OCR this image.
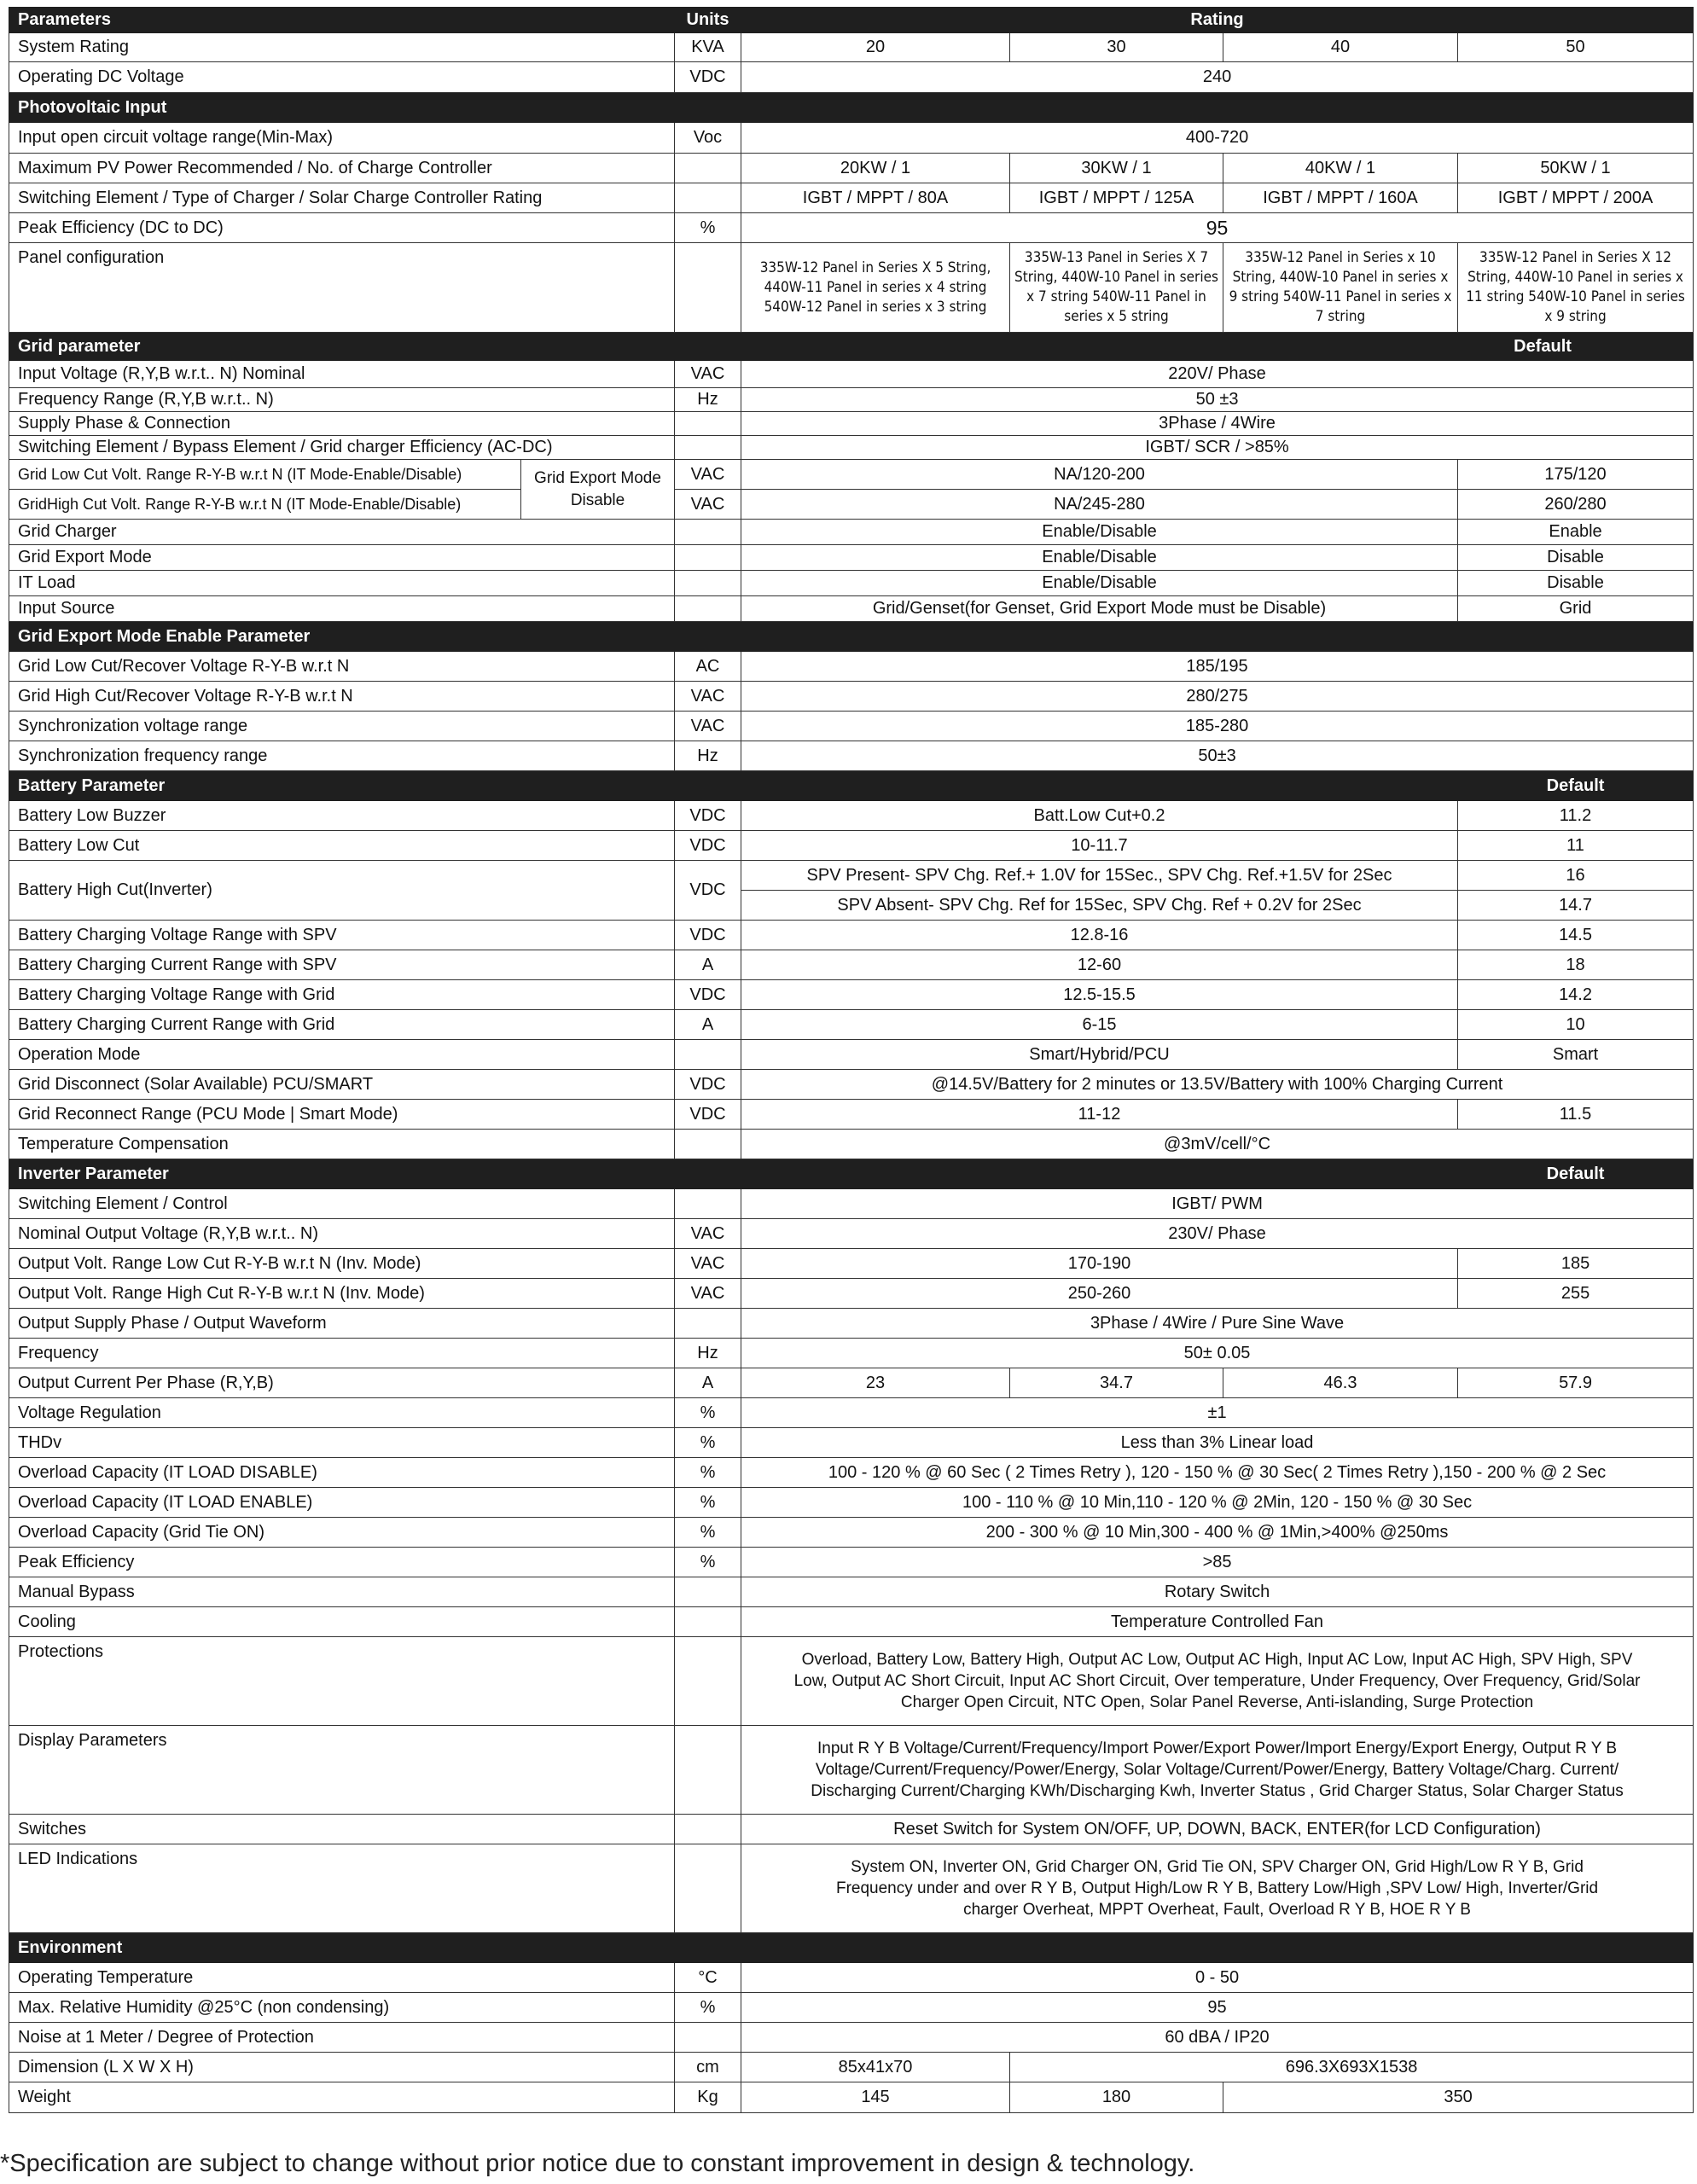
Parameters		Units	Rating					
System Rating		KVA	20	30	40		50	
Operating DC Voltage		VDC	240					
Photovoltaic Input								
Input open circuit voltage range(Min-Max)		Voc	400-720					
Maximum PV Power Recommended / No. of Charge Controller			20KW / 1	30KW / 1	40KW / 1		50KW / 1	
Switching Element / Type of Charger / Solar Charge Controller Rating			IGBT / MPPT / 80A	IGBT / MPPT / 125A	IGBT / MPPT / 160A		IGBT / MPPT / 200A	
Peak Efficiency (DC to DC)		%	95					
Panel configuration			335W-12 Panel in Series X 5 String, 440W-11 Panel in series x 4 string 540W-12 Panel in series x 3 string	335W-13 Panel in Series X 7 String, 440W-10 Panel in series x 7 string 540W-11 Panel in series x 5 string	335W-12 Panel in Series x 10 String, 440W-10 Panel in series x 9 string 540W-11 Panel in series x 7 string		335W-12 Panel in Series X 12 String, 440W-10 Panel in series x 11 string 540W-10 Panel in series x 9 string	
Grid parameter						Default		
Input Voltage (R,Y,B w.r.t.. N) Nominal		VAC	220V/ Phase					
Frequency Range (R,Y,B w.r.t.. N)		Hz	50 ±3					
Supply Phase & Connection			3Phase / 4Wire					
Switching Element / Bypass Element / Grid charger Efficiency (AC-DC)			IGBT/ SCR / >85%					
Grid Low Cut Volt. Range R-Y-B w.r.t N (IT Mode-Enable/Disable)	Grid Export Mode Disable	VAC	NA/120-200				175/120	
GridHigh Cut Volt. Range R-Y-B w.r.t N (IT Mode-Enable/Disable)		VAC	NA/245-280				260/280	
Grid Charger			Enable/Disable				Enable	
Grid Export Mode			Enable/Disable				Disable	
IT Load			Enable/Disable				Disable	
Input Source			Grid/Genset(for Genset, Grid Export Mode must be Disable)				Grid	
Grid Export Mode Enable Parameter								
Grid Low Cut/Recover Voltage R-Y-B w.r.t N		AC	185/195					
Grid High Cut/Recover Voltage R-Y-B w.r.t N		VAC	280/275					
Synchronization voltage range		VAC	185-280					
Synchronization frequency range		Hz	50±3					
Battery Parameter							Default	
Battery Low Buzzer		VDC	Batt.Low Cut+0.2				11.2	
Battery Low Cut		VDC	10-11.7				11	
Battery High Cut(Inverter)		VDC	SPV Present- SPV Chg. Ref.+ 1.0V for 15Sec., SPV Chg. Ref.+1.5V for 2Sec				16	
			SPV Absent- SPV Chg. Ref for 15Sec, SPV Chg. Ref + 0.2V for 2Sec				14.7	
Battery Charging Voltage Range with SPV		VDC	12.8-16				14.5	
Battery Charging Current Range with SPV		A	12-60				18	
Battery Charging Voltage Range with Grid		VDC	12.5-15.5				14.2	
Battery Charging Current Range with Grid		A	6-15				10	
Operation Mode			Smart/Hybrid/PCU				Smart	
Grid Disconnect (Solar Available) PCU/SMART		VDC	@14.5V/Battery for 2 minutes or 13.5V/Battery with 100% Charging Current					
Grid Reconnect Range (PCU Mode | Smart Mode)		VDC	11-12				11.5	
Temperature Compensation			@3mV/cell/°C					
Inverter Parameter							Default	
Switching Element / Control			IGBT/ PWM					
Nominal Output Voltage (R,Y,B w.r.t.. N)		VAC	230V/ Phase					
Output Volt. Range Low Cut R-Y-B w.r.t N (Inv. Mode)		VAC	170-190				185	
Output Volt. Range High Cut R-Y-B w.r.t N (Inv. Mode)		VAC	250-260				255	
Output Supply Phase / Output Waveform			3Phase / 4Wire / Pure Sine Wave					
Frequency		Hz	50± 0.05					
Output Current Per Phase (R,Y,B)		A	23	34.7	46.3		57.9	
Voltage Regulation		%	±1					
THDv		%	Less than 3% Linear load					
Overload Capacity (IT LOAD DISABLE)		%	100 - 120 % @ 60 Sec ( 2 Times Retry ), 120 - 150 % @ 30 Sec( 2 Times Retry ),150 - 200 % @ 2 Sec					
Overload Capacity (IT LOAD ENABLE)		%	100 - 110 % @ 10 Min,110 - 120 % @ 2Min, 120 - 150 % @ 30 Sec					
Overload Capacity (Grid Tie ON)		%	200 - 300 % @ 10 Min,300 - 400 % @ 1Min,>400% @250ms					
Peak Efficiency		%	>85					
Manual Bypass			Rotary Switch					
Cooling			Temperature Controlled Fan					
Protections			Overload, Battery Low, Battery High, Output AC Low, Output AC High, Input AC Low, Input AC High, SPV High, SPV Low, Output AC Short Circuit, Input AC Short Circuit, Over temperature, Under Frequency, Over Frequency, Grid/Solar Charger Open Circuit, NTC Open, Solar Panel Reverse, Anti-islanding, Surge Protection					
Display Parameters			Input R Y B Voltage/Current/Frequency/Import Power/Export Power/Import Energy/Export Energy, Output R Y B Voltage/Current/Frequency/Power/Energy, Solar Voltage/Current/Power/Energy, Battery Voltage/Charg. Current/ Discharging Current/Charging KWh/Discharging Kwh, Inverter Status , Grid Charger Status, Solar Charger Status					
Switches			Reset Switch for System ON/OFF, UP, DOWN, BACK, ENTER(for LCD Configuration)					
LED Indications			System ON, Inverter ON, Grid Charger ON, Grid Tie ON, SPV Charger ON, Grid High/Low R Y B, Grid Frequency under and over R Y B, Output High/Low R Y B, Battery Low/High ,SPV Low/ High, Inverter/Grid charger Overheat, MPPT Overheat, Fault, Overload R Y B, HOE R Y B					
Environment								
Operating Temperature		°C	0 - 50					
Max. Relative Humidity @25°C (non condensing)		%	95					
Noise at 1 Meter / Degree of Protection			60 dBA / IP20					
Dimension (L X W X H)		cm	85x41x70	696.3X693X1538				
Weight		Kg	145	180	350	
*Specification are subject to change without prior notice due to constant improvement in design & technology.
